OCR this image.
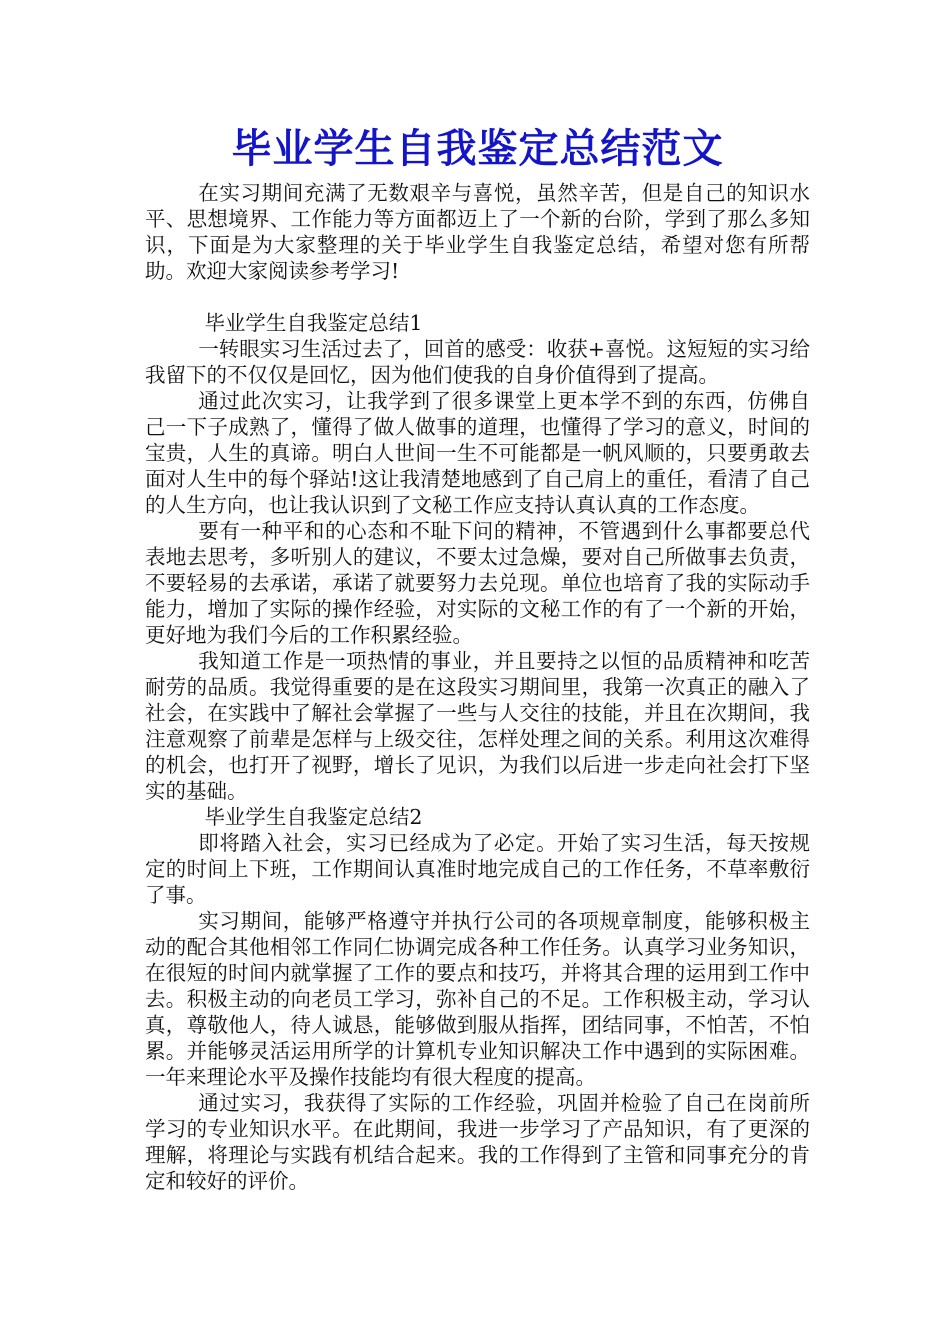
毕业学生自我鉴定总结范文

在实习期间充满了无数艰辛与喜悦，虽然辛苦，但是自己的知识水平、思想境界、工作能力等方面都迈上了一个新的台阶，学到了那么多知识，下面是为大家整理的关于毕业学生自我鉴定总结，希望对您有所帮助。欢迎大家阅读参考学习!

毕业学生自我鉴定总结1

一转眼实习生活过去了，回首的感受：收获+喜悦。这短短的实习给我留下的不仅仅是回忆，因为他们使我的自身价值得到了提高。

通过此次实习，让我学到了很多课堂上更本学不到的东西，仿佛自己一下子成熟了，懂得了做人做事的道理，也懂得了学习的意义，时间的宝贵，人生的真谛。明白人世间一生不可能都是一帆风顺的，只要勇敢去面对人生中的每个驿站!这让我清楚地感到了自己肩上的重任，看清了自己的人生方向，也让我认识到了文秘工作应支持认真认真的工作态度。

要有一种平和的心态和不耻下问的精神，不管遇到什么事都要总代表地去思考，多听别人的建议，不要太过急燥，要对自己所做事去负责，不要轻易的去承诺，承诺了就要努力去兑现。单位也培育了我的实际动手能力，增加了实际的操作经验，对实际的文秘工作的有了一个新的开始，更好地为我们今后的工作积累经验。

我知道工作是一项热情的事业，并且要持之以恒的品质精神和吃苦耐劳的品质。我觉得重要的是在这段实习期间里，我第一次真正的融入了社会，在实践中了解社会掌握了一些与人交往的技能，并且在次期间，我注意观察了前辈是怎样与上级交往，怎样处理之间的关系。利用这次难得的机会，也打开了视野，增长了见识，为我们以后进一步走向社会打下坚实的基础。

毕业学生自我鉴定总结2

即将踏入社会，实习已经成为了必定。开始了实习生活，每天按规定的时间上下班，工作期间认真准时地完成自己的工作任务，不草率敷衍了事。

实习期间，能够严格遵守并执行公司的各项规章制度，能够积极主动的配合其他相邻工作同仁协调完成各种工作任务。认真学习业务知识，在很短的时间内就掌握了工作的要点和技巧，并将其合理的运用到工作中去。积极主动的向老员工学习，弥补自己的不足。工作积极主动，学习认真，尊敬他人，待人诚恳，能够做到服从指挥，团结同事，不怕苦，不怕累。并能够灵活运用所学的计算机专业知识解决工作中遇到的实际困难。一年来理论水平及操作技能均有很大程度的提高。

通过实习，我获得了实际的工作经验，巩固并检验了自己在岗前所学习的专业知识水平。在此期间，我进一步学习了产品知识，有了更深的理解，将理论与实践有机结合起来。我的工作得到了主管和同事充分的肯定和较好的评价。
